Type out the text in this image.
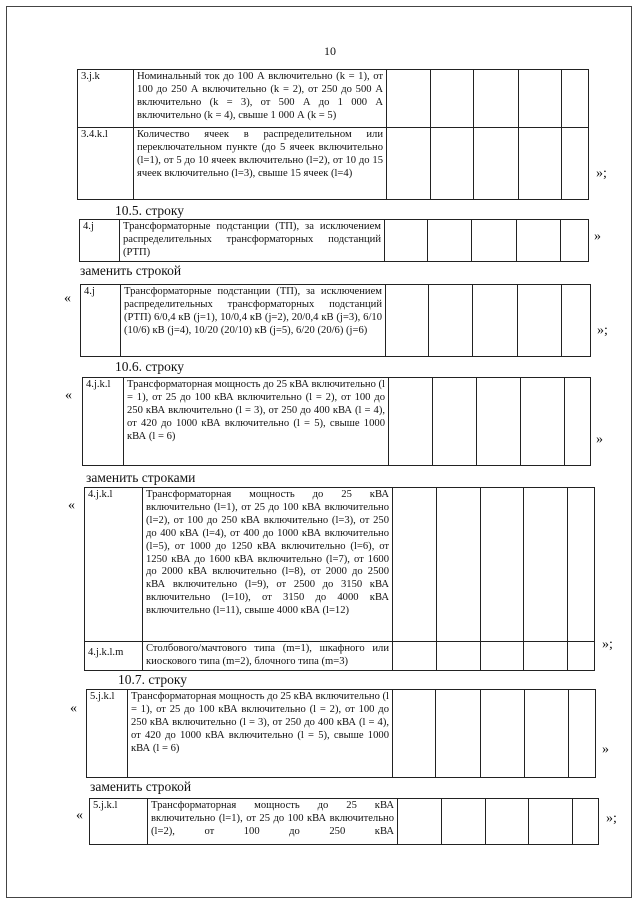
10
3.j.k	Номинальный ток до 100 А включительно (k = 1), от 100 до 250 А включительно (k = 2), от 250 до 500 А включительно (k = 3), от 500 А до 1 000 А включительно (k = 4), свыше 1 000 А (k = 5)					
3.4.k.l	Количество ячеек в распределительном или переключательном пункте (до 5 ячеек включительно (l=1), от 5 до 10 ячеек включительно (l=2), от 10 до 15 ячеек включительно (l=3), свыше 15 ячеек (l=4)						»;
10.5. строку
4.j	Трансформаторные подстанции (ТП), за исключением распределительных трансформаторных подстанций (РТП)					
»
заменить строкой
« 4.j	Трансформаторные подстанции (ТП), за исключением распределительных трансформаторных подстанций (РТП) 6/0,4 кВ (j=1), 10/0,4 кВ (j=2), 20/0,4 кВ (j=3), 6/10 (10/6) кВ (j=4), 10/20 (20/10) кВ (j=5), 6/20 (20/6) (j=6)						»;
10.6. строку
«
4.j.k.l	Трансформаторная мощность до 25 кВА включительно (l = 1), от 25 до 100 кВА включительно (l = 2), от 100 до 250 кВА включительно (l = 3), от 250 до 400 кВА (l = 4), от 420 до 1000 кВА включительно (l = 5), свыше 1000 кВА (l = 6)						»
заменить строками
«
4.j.k.l	Трансформаторная мощность до 25 кВА включительно (l=1), от 25 до 100 кВА включительно (l=2), от 100 до 250 кВА включительно (l=3), от 250 до 400 кВА (l=4), от 400 до 1000 кВА включительно (l=5), от 1000 до 1250 кВА включительно (l=6), от 1250 кВА до 1600 кВА включительно (l=7), от 1600 до 2000 кВА включительно (l=8), от 2000 до 2500 кВА включительно (l=9), от 2500 до 3150 кВА включительно (l=10), от 3150 до 4000 кВА включительно (l=11), свыше 4000 кВА (l=12)					
4.j.k.l.m	Столбового/мачтового типа (m=1), шкафного или киоскового типа (m=2), блочного типа (m=3)					
»;
10.7. строку
«
5.j.k.l	Трансформаторная мощность до 25 кВА включительно (l = 1), от 25 до 100 кВА включительно (l = 2), от 100 до 250 кВА включительно (l = 3), от 250 до 400 кВА (l = 4), от 420 до 1000 кВА включительно (l = 5), свыше 1000 кВА (l = 6)						»
заменить строкой
«
5.j.k.l	Трансформаторная мощность до 25 кВА включительно (l=1), от 25 до 100 кВА включительно (l=2), от 100 до 250 кВА					
»;
